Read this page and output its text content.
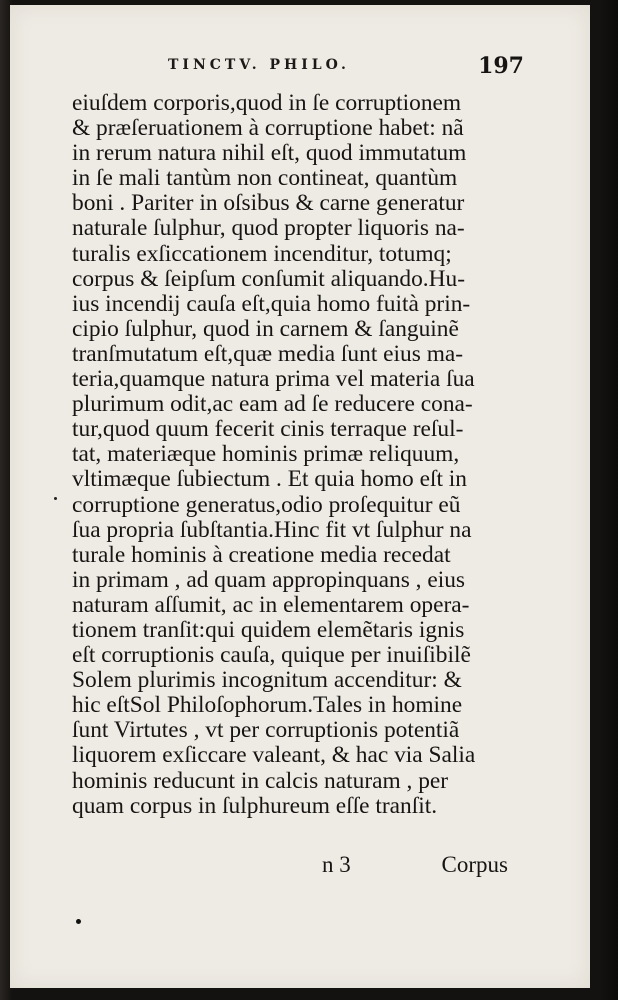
TINCTV. PHILO.	197
eiuſdem corporis,quod in ſe corruptionem
& præſeruationem à corruptione habet: nã
in rerum natura nihil eſt, quod immutatum
in ſe mali tantùm non contineat, quantùm
boni . Pariter in oſsibus & carne generatur
naturale ſulphur, quod propter liquoris na-
turalis exſiccationem incenditur, totumq;
corpus & ſeipſum conſumit aliquando.Hu-
ius incendij cauſa eſt,quia homo fuità prin-
cipio ſulphur, quod in carnem & ſanguinẽ
tranſmutatum eſt,quæ media ſunt eius ma-
teria,quamque natura prima vel materia ſua
plurimum odit,ac eam ad ſe reducere cona-
tur,quod quum fecerit cinis terraque reſul-
tat, materiæque hominis primæ reliquum,
vltimæque ſubiectum . Et quia homo eſt in
corruptione generatus,odio proſequitur eũ
ſua propria ſubſtantia.Hinc fit vt ſulphur na
turale hominis à creatione media recedat
in primam , ad quam appropinquans , eius
naturam aſſumit, ac in elementarem opera-
tionem tranſit:qui quidem elemẽtaris ignis
eſt corruptionis cauſa, quique per inuiſibilẽ
Solem plurimis incognitum accenditur: &
hic eſtSol Philoſophorum.Tales in homine
ſunt Virtutes , vt per corruptionis potentiã
liquorem exſiccare valeant, & hac via Salia
hominis reducunt in calcis naturam , per
quam corpus in ſulphureum eſſe tranſit.
n 3	Corpus
